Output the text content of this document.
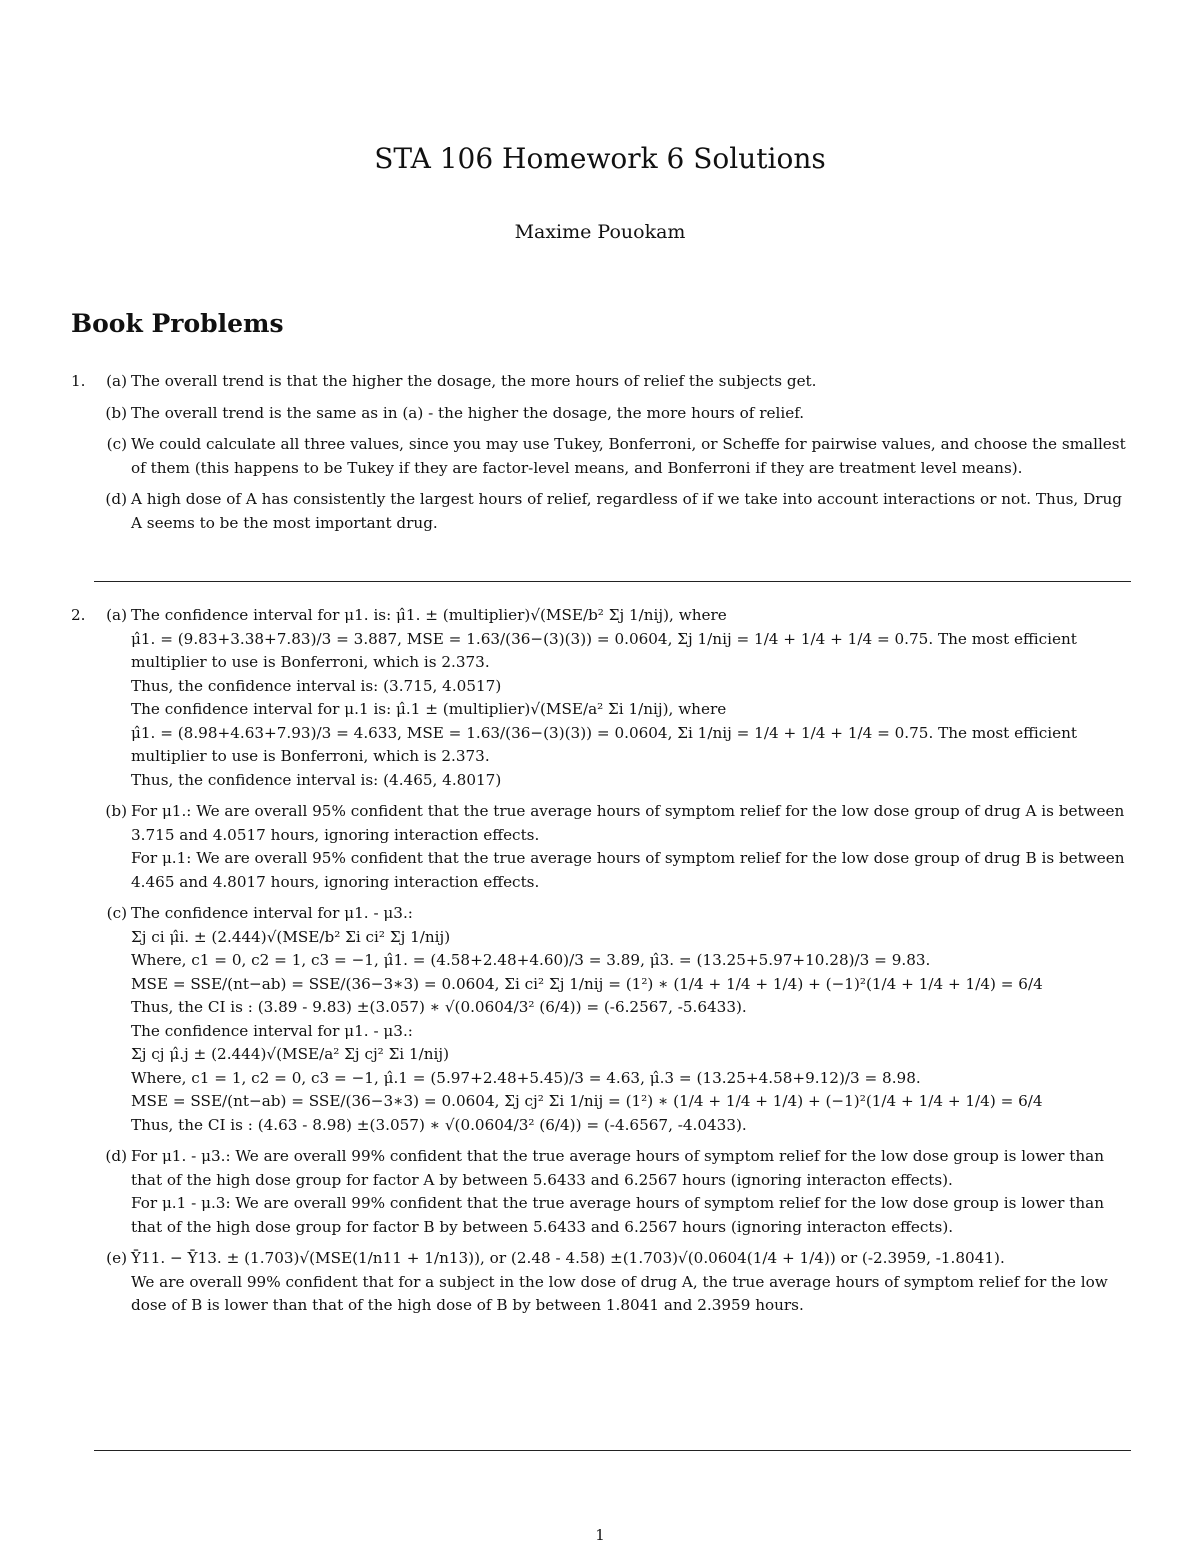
STA 106 Homework 6 Solutions
Maxime Pouokam
Book Problems
1.	(a) The overall trend is that the higher the dosage, the more hours of relief the subjects get.
(b) The overall trend is the same as in (a) - the higher the dosage, the more hours of relief.
(c) We could calculate all three values, since you may use Tukey, Bonferroni, or Scheffe for pairwise values, and choose the smallest of them (this happens to be Tukey if they are factor-level means, and Bonferroni if they are treatment level means).
(d) A high dose of A has consistently the largest hours of relief, regardless of if we take into account interactions or not. Thus, Drug A seems to be the most important drug.
2.	(a) The confidence interval for μ1. is: μ̂1. ± (multiplier)√(MSE/b² Σj 1/nij), where
μ̂1. = (9.83+3.38+7.83)/3 = 3.887, MSE = 1.63/(36−(3)(3)) = 0.0604, Σj 1/nij = 1/4 + 1/4 + 1/4 = 0.75. The most efficient multiplier to use is Bonferroni, which is 2.373.
Thus, the confidence interval is: (3.715, 4.0517)
The confidence interval for μ.1 is: μ̂.1 ± (multiplier)√(MSE/a² Σi 1/nij), where
μ̂1. = (8.98+4.63+7.93)/3 = 4.633, MSE = 1.63/(36−(3)(3)) = 0.0604, Σi 1/nij = 1/4 + 1/4 + 1/4 = 0.75. The most efficient multiplier to use is Bonferroni, which is 2.373.
Thus, the confidence interval is: (4.465, 4.8017)
(b) For μ1.: We are overall 95% confident that the true average hours of symptom relief for the low dose group of drug A is between 3.715 and 4.0517 hours, ignoring interaction effects.
For μ.1: We are overall 95% confident that the true average hours of symptom relief for the low dose group of drug B is between 4.465 and 4.8017 hours, ignoring interaction effects.
(c) The confidence interval for μ1. - μ3.:
Σj ci μ̂i. ± (2.444)√(MSE/b² Σi ci² Σj 1/nij)
Where, c1 = 0, c2 = 1, c3 = −1, μ̂1. = (4.58+2.48+4.60)/3 = 3.89, μ̂3. = (13.25+5.97+10.28)/3 = 9.83.
MSE = SSE/(nt−ab) = SSE/(36−3∗3) = 0.0604, Σi ci² Σj 1/nij = (1²) ∗ (1/4 + 1/4 + 1/4) + (−1)²(1/4 + 1/4 + 1/4) = 6/4
Thus, the CI is : (3.89 - 9.83) ±(3.057) ∗ √(0.0604/3² (6/4)) = (-6.2567, -5.6433).
The confidence interval for μ1. - μ3.:
Σj cj μ̂.j ± (2.444)√(MSE/a² Σj cj² Σi 1/nij)
Where, c1 = 1, c2 = 0, c3 = −1, μ̂.1 = (5.97+2.48+5.45)/3 = 4.63, μ̂.3 = (13.25+4.58+9.12)/3 = 8.98.
MSE = SSE/(nt−ab) = SSE/(36−3∗3) = 0.0604, Σj cj² Σi 1/nij = (1²) ∗ (1/4 + 1/4 + 1/4) + (−1)²(1/4 + 1/4 + 1/4) = 6/4
Thus, the CI is : (4.63 - 8.98) ±(3.057) ∗ √(0.0604/3² (6/4)) = (-4.6567, -4.0433).
(d) For μ1. - μ3.: We are overall 99% confident that the true average hours of symptom relief for the low dose group is lower than that of the high dose group for factor A by between 5.6433 and 6.2567 hours (ignoring interacton effects).
For μ.1 - μ.3: We are overall 99% confident that the true average hours of symptom relief for the low dose group is lower than that of the high dose group for factor B by between 5.6433 and 6.2567 hours (ignoring interacton effects).
(e) Ȳ11. − Ȳ13. ± (1.703)√(MSE(1/n11 + 1/n13)), or (2.48 - 4.58) ±(1.703)√(0.0604(1/4 + 1/4)) or (-2.3959, -1.8041).
We are overall 99% confident that for a subject in the low dose of drug A, the true average hours of symptom relief for the low dose of B is lower than that of the high dose of B by between 1.8041 and 2.3959 hours.
1
